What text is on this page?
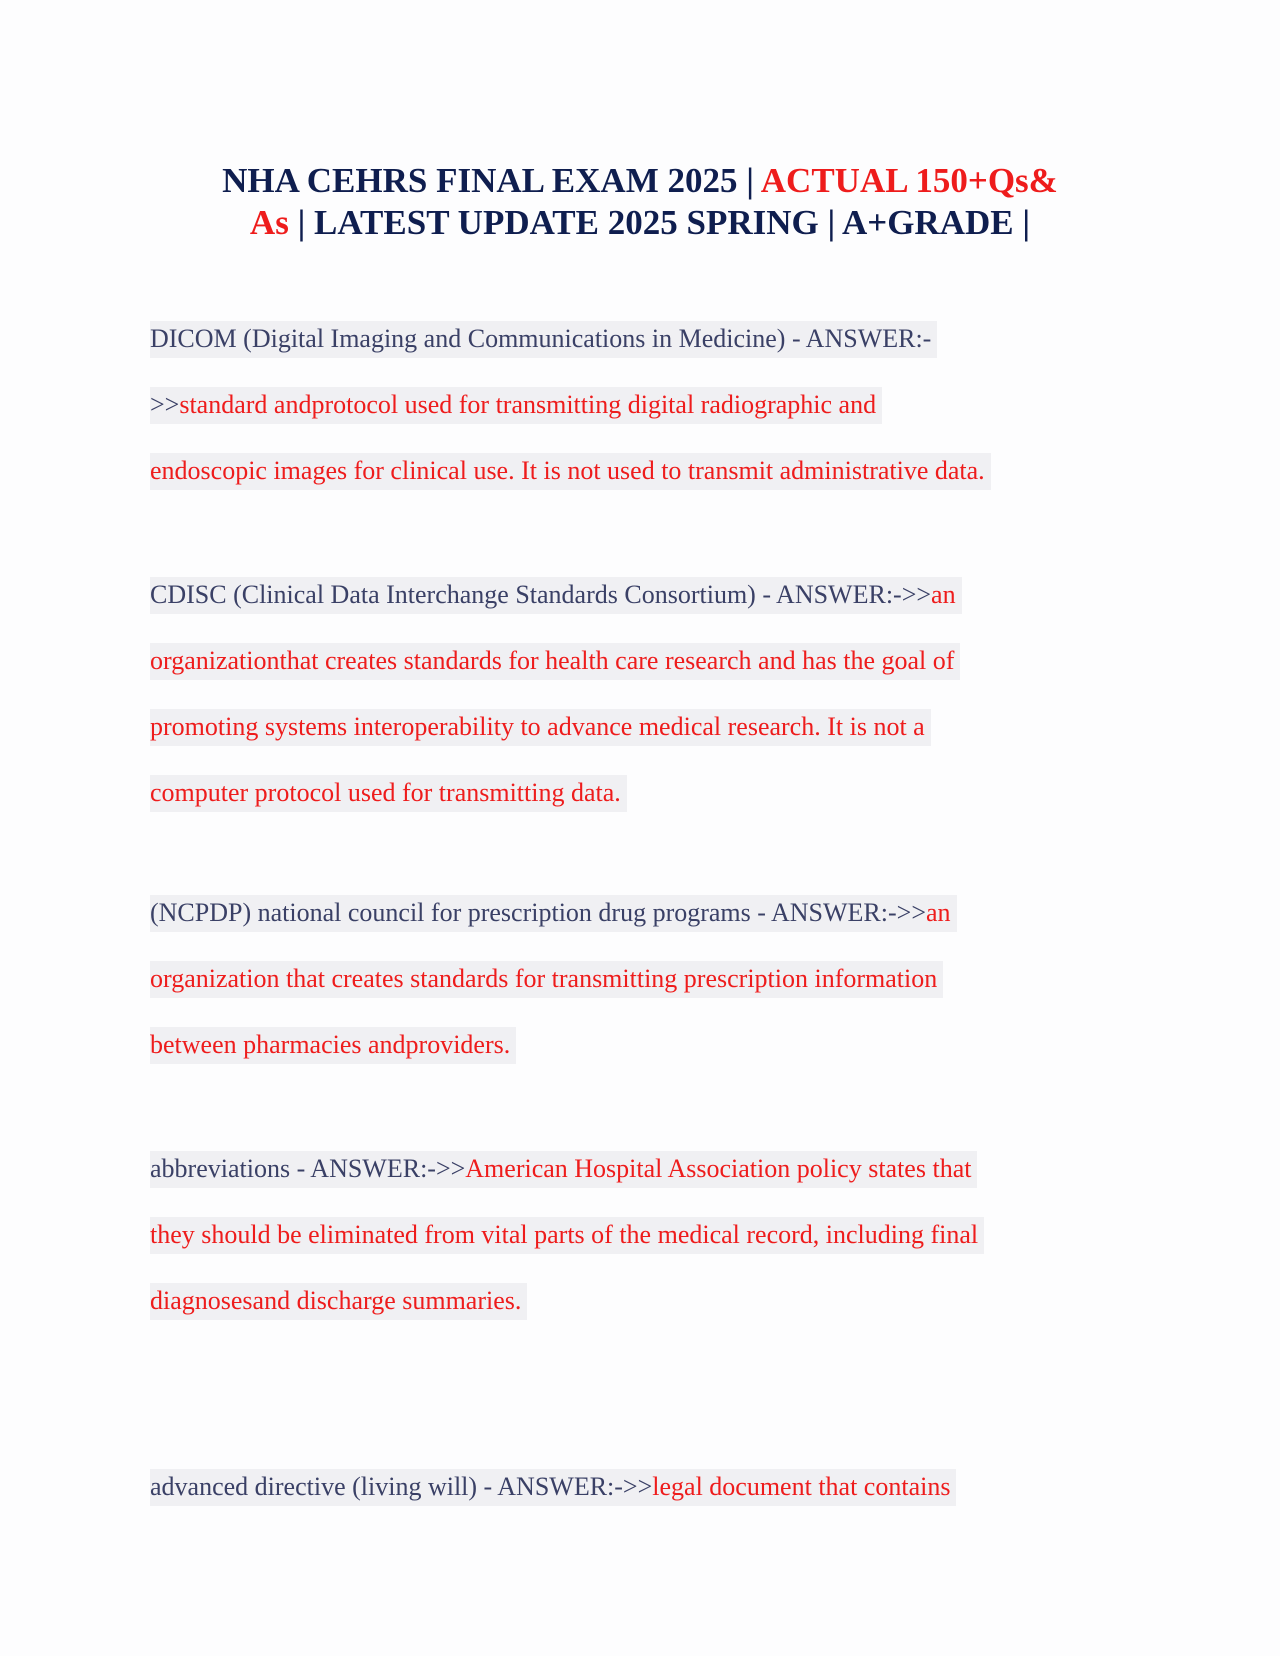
NHA CEHRS FINAL EXAM 2025 | ACTUAL 150+Qs&
As | LATEST UPDATE 2025 SPRING | A+GRADE |
DICOM (Digital Imaging and Communications in Medicine) - ANSWER:-
>>standard andprotocol used for transmitting digital radiographic and
endoscopic images for clinical use. It is not used to transmit administrative data.
CDISC (Clinical Data Interchange Standards Consortium) - ANSWER:->>an
organizationthat creates standards for health care research and has the goal of
promoting systems interoperability to advance medical research. It is not a
computer protocol used for transmitting data.
(NCPDP) national council for prescription drug programs - ANSWER:->>an
organization that creates standards for transmitting prescription information
between pharmacies andproviders.
abbreviations - ANSWER:->>American Hospital Association policy states that
they should be eliminated from vital parts of the medical record, including final
diagnosesand discharge summaries.
advanced directive (living will) - ANSWER:->>legal document that contains
